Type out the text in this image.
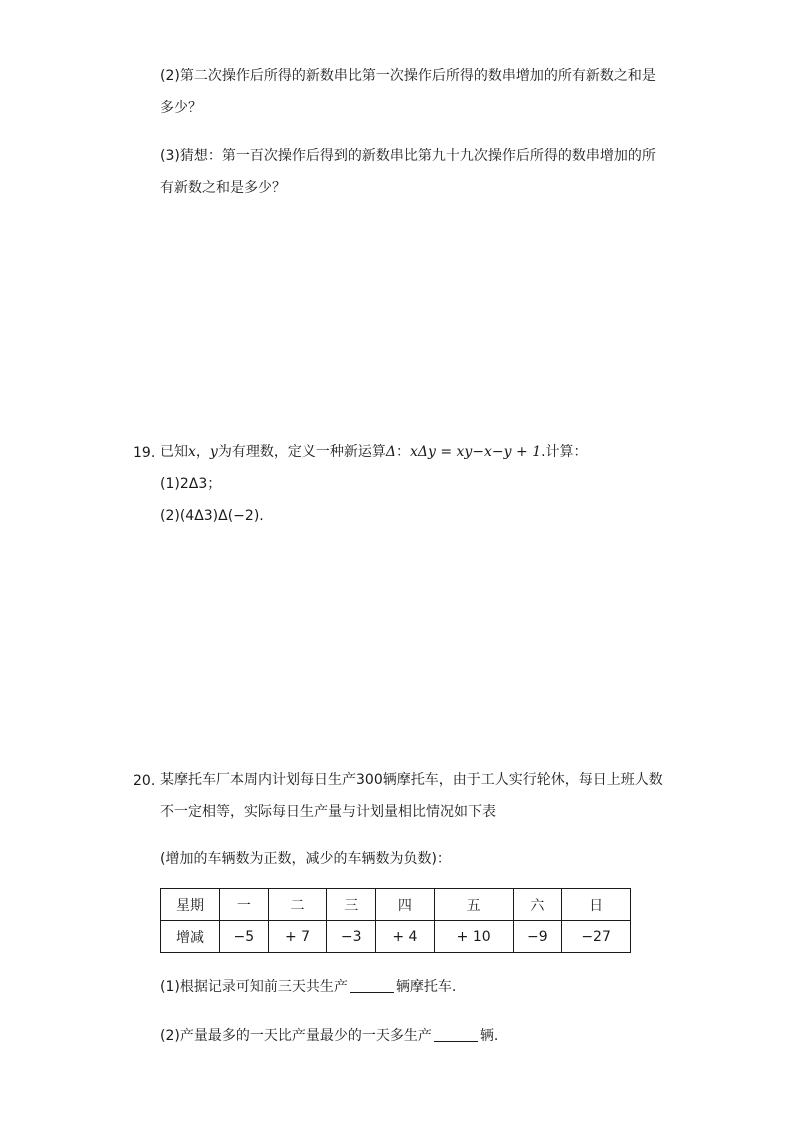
(2)第二次操作后所得的新数串比第一次操作后所得的数串增加的所有新数之和是
多少？
(3)猜想：第一百次操作后得到的新数串比第九十九次操作后所得的数串增加的所
有新数之和是多少？
19. 已知x，y为有理数，定义一种新运算Δ：xΔy = xy−x−y + 1.计算：
(1)2Δ3；
(2)(4Δ3)Δ(−2).
20. 某摩托车厂本周内计划每日生产300辆摩托车，由于工人实行轮休，每日上班人数
不一定相等，实际每日生产量与计划量相比情况如下表
(增加的车辆数为正数，减少的车辆数为负数)：
星期	一	二	三	四	五	六	日
增减	−5	+ 7	−3	+ 4	+ 10	−9	−27
(1)根据记录可知前三天共生产	辆摩托车.
(2)产量最多的一天比产量最少的一天多生产	辆.
